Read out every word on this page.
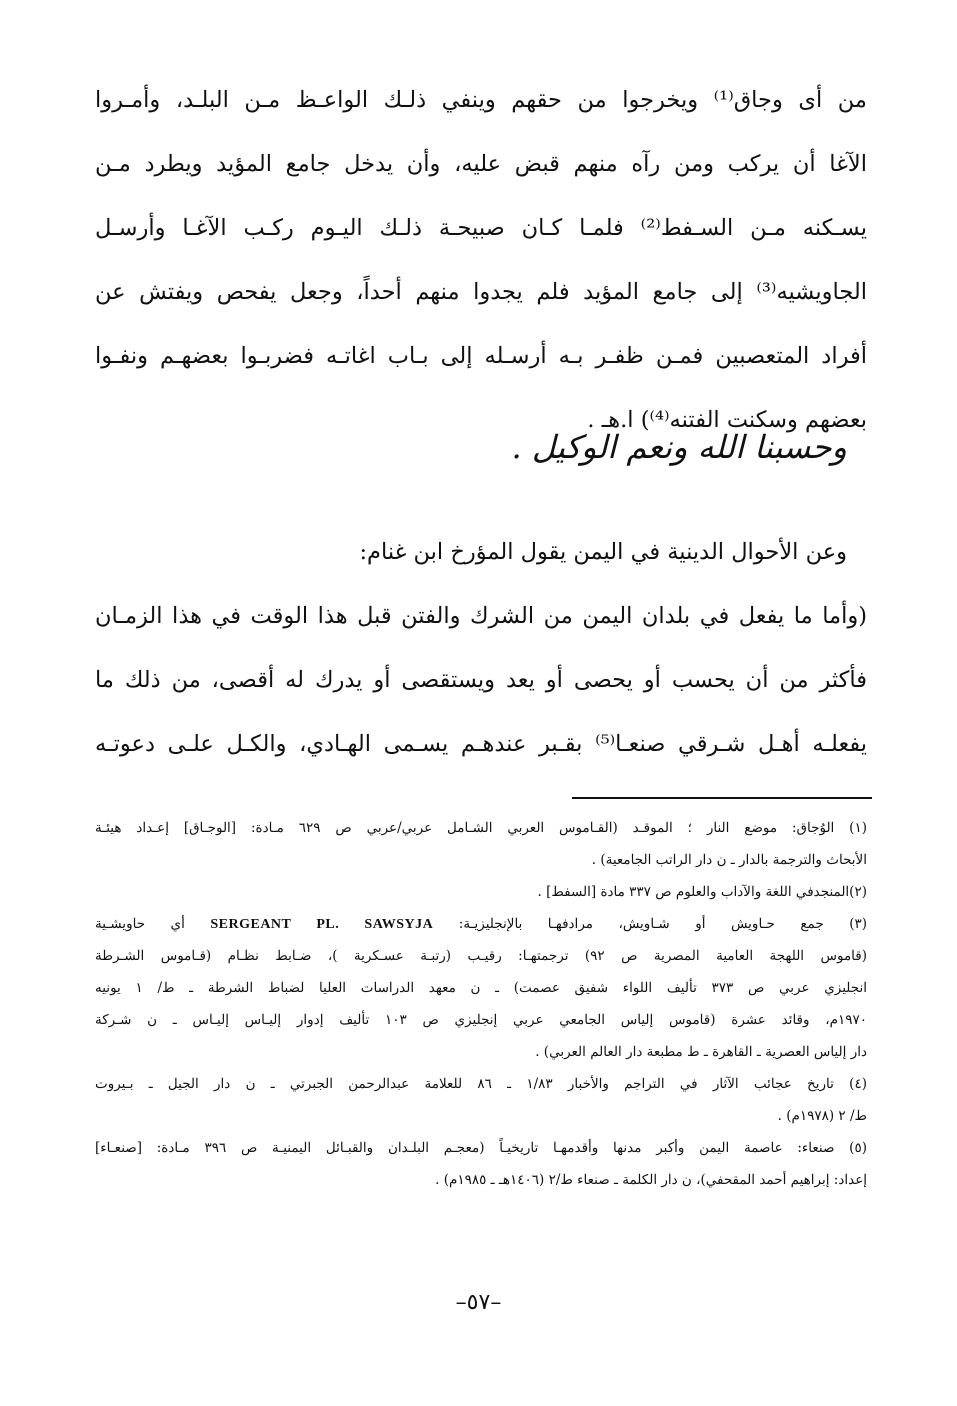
من أى وجاق⁽¹⁾ ويخرجوا من حقهم وينفي ذلـك الواعـظ مـن البلـد، وأمـروا
الآغا أن يركب ومن رآه منهم قبض عليه، وأن يدخل جامع المؤيد ويطرد مـن
يسـكنه مـن السـفط⁽²⁾ فلمـا كـان صبيحـة ذلـك اليـوم ركـب الآغـا وأرسـل
الجاويشيه⁽³⁾ إلى جامع المؤيد فلم يجدوا منهم أحداً، وجعل يفحص ويفتش عن
أفراد المتعصبين فمـن ظفـر بـه أرسـله إلى بـاب اغاتـه فضربـوا بعضهـم ونفـوا
بعضهم وسكنت الفتنه⁽⁴⁾) ا.هـ .
وحسبنا الله ونعم الوكيل .
وعن الأحوال الدينية في اليمن يقول المؤرخ ابن غنام:
(وأما ما يفعل في بلدان اليمن من الشرك والفتن قبل هذا الوقت في هذا الزمـان
فأكثر من أن يحسب أو يحصى أو يعد ويستقصى أو يدرك له أقصى، من ذلك ما
يفعلـه أهـل شـرقي صنعـا⁽⁵⁾ بقـبر عندهـم يسـمى الهـادي، والكـل علـى دعوتـه
(١) الوُجاق: موضع النار ؛ الموقـد (القـاموس العربي الشـامل عربي/عربي ص ٦٢٩ مـادة: [الوجـاق] إعـداد هيئـة
الأبحاث والترجمة بالدار ـ ن دار الراتب الجامعية) .
(٢)المنجدفي اللغة والآداب والعلوم ص ٣٣٧ مادة [السفط] .
(٣) جمع حـاويش أو شـاويش، مرادفهـا بالإنجليزيـة: SERGEANT PL. SAWSYJA أي حاويشـية
(قاموس اللهجة العامية المصرية ص ٩٢) ترجمتهـا: رقيـب (رتبـة عسـكرية )، ضـابط نظـام (قـاموس الشـرطة
انجليزي عربي ص ٣٧٣ تأليف اللواء شفيق عصمت) ـ ن معهد الدراسات العليا لضباط الشرطة ـ ط/ ١ يونيه
١٩٧٠م، وقائد عشرة (قاموس إلياس الجامعي عربي إنجليزي ص ١٠٣ تأليف إدوار إليـاس إليـاس ـ ن شـركة
دار إلياس العصرية ـ القاهرة ـ ط مطبعة دار العالم العربي) .
(٤) تاريخ عجائب الآثار في التراجم والأخبار ١/٨٣ ـ ٨٦ للعلامة عبدالرحمن الجبرتي ـ ن دار الجيل ـ بـيروت
ط/ ٢ (١٩٧٨م) .
(٥) صنعاء: عاصمة اليمن وأكبر مدنها وأقدمهـا تاريخيـاً (معجـم البلـدان والقبـائل اليمنيـة ص ٣٩٦ مـادة: [صنعـاء]
إعداد: إبراهيم أحمد المقحفي)، ن دار الكلمة ـ صنعاء ط/٢ (١٤٠٦هـ ـ ١٩٨٥م) .
–٥٧–
